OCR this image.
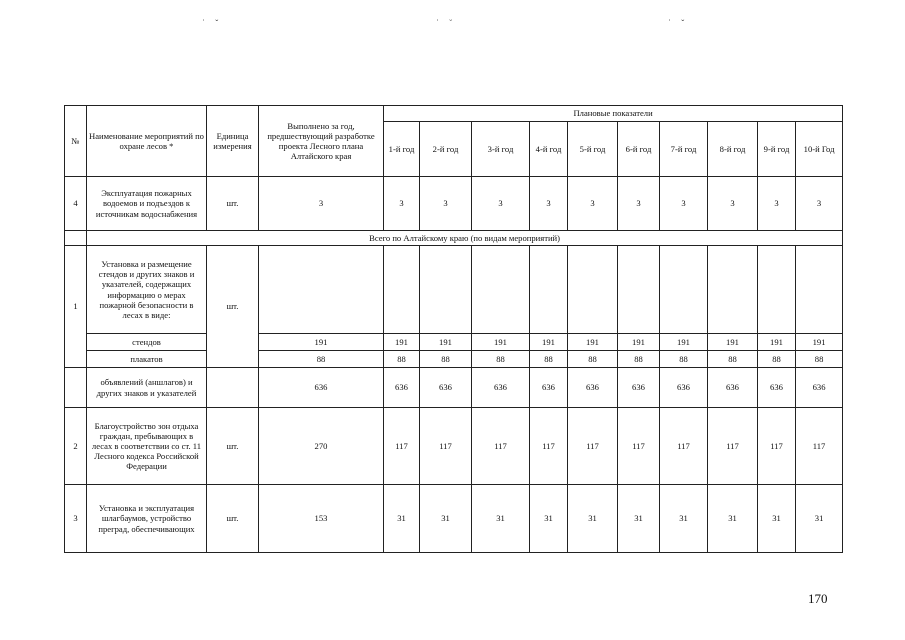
˙ ˇ	˙ ˘	˙ ˇ
№	Наименование мероприятий по охране лесов *	Единица измерения	Выполнено за год, предшествующий разработке проекта Лесного плана Алтайского края	Плановые показатели									
				1-й год	2-й год	3-й год	4-й год	5-й год	6-й год	7-й год	8-й год	9-й год	10-й Год
4	Эксплуатация пожарных водоемов и подъездов к источникам водоснабжения	шт.	3	3	3	3	3	3	3	3	3	3	3
	Всего по Алтайскому краю (по видам мероприятий)												
1	Установка и размещение стендов и других знаков и указателей, содержащих информацию о мерах пожарной безопасности в лесах в виде:	шт.											
	стендов		191	191	191	191	191	191	191	191	191	191	191
	плакатов		88	88	88	88	88	88	88	88	88	88	88
	объявлений (аншлагов) и других знаков и указателей		636	636	636	636	636	636	636	636	636	636	636
2	Благоустройство зон отдыха граждан, пребывающих в лесах в соответствии со ст. 11 Лесного кодекса Российской Федерации	шт.	270	117	117	117	117	117	117	117	117	117	117
3	Установка и эксплуатация шлагбаумов, устройство преград, обеспечивающих	шт.	153	31	31	31	31	31	31	31	31	31	31
170
